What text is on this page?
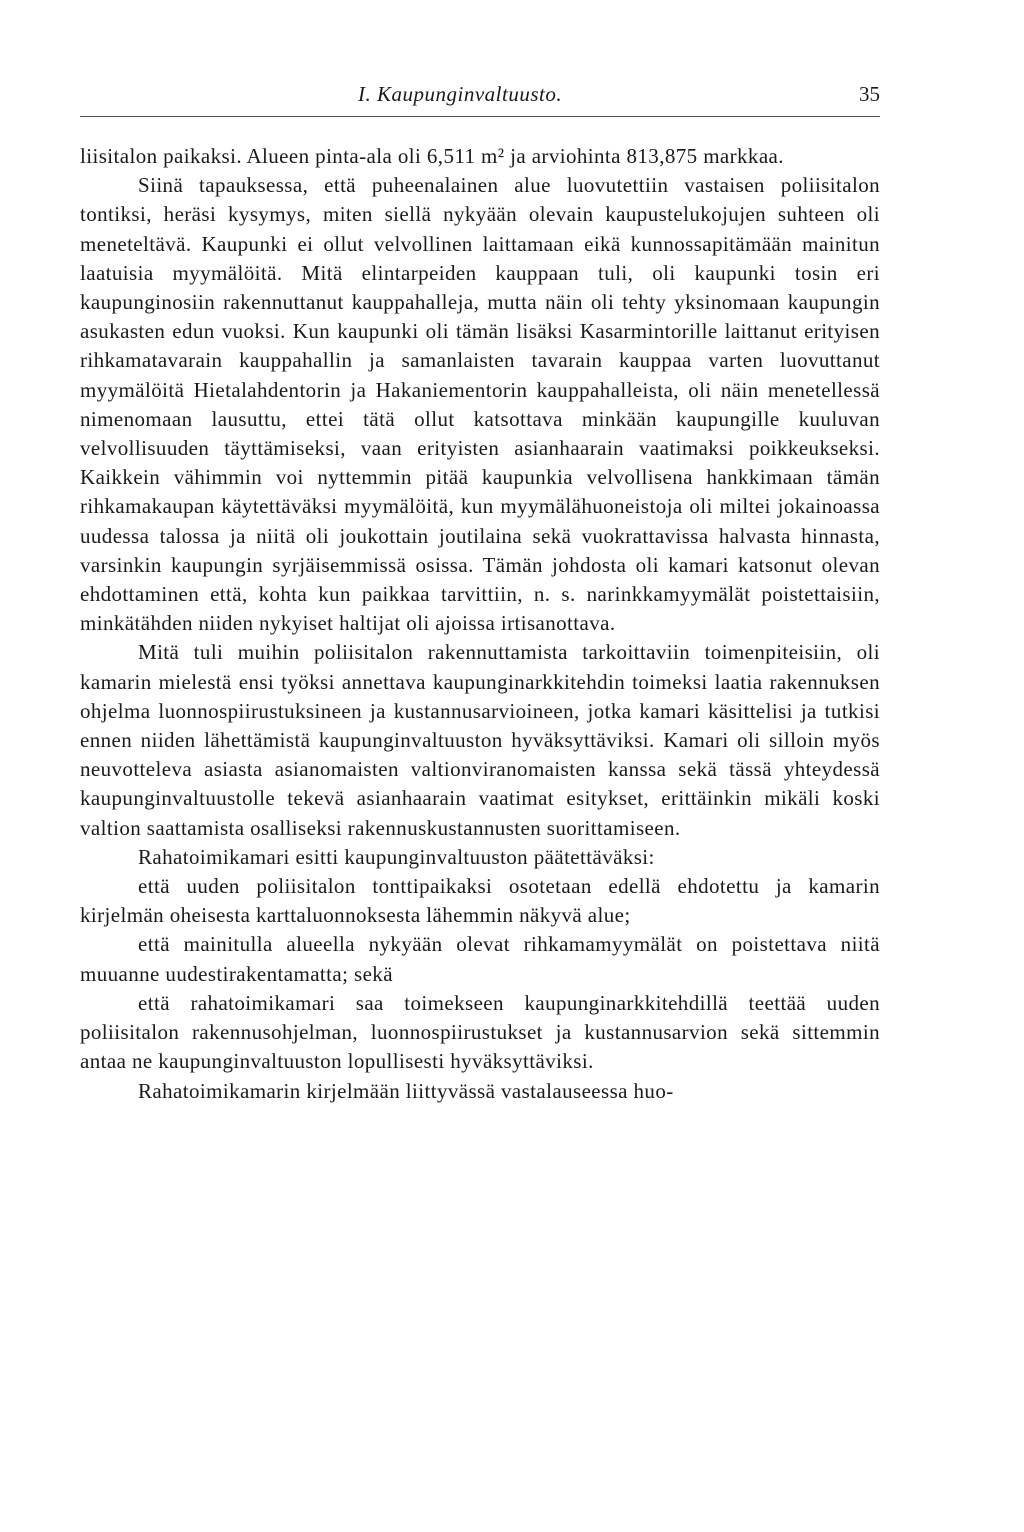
I. Kaupunginvaltuusto.	35

liisitalon paikaksi. Alueen pinta-ala oli 6,511 m² ja arviohinta 813,875 markkaa.

Siinä tapauksessa, että puheenalainen alue luovutettiin vastaisen poliisitalon tontiksi, heräsi kysymys, miten siellä nykyään olevain kaupustelukojujen suhteen oli meneteltävä. Kaupunki ei ollut velvollinen laittamaan eikä kunnossapitämään mainitun laatuisia myymälöitä. Mitä elintarpeiden kauppaan tuli, oli kaupunki tosin eri kaupunginosiin rakennuttanut kauppahalleja, mutta näin oli tehty yksinomaan kaupungin asukasten edun vuoksi. Kun kaupunki oli tämän lisäksi Kasarmintorille laittanut erityisen rihkamatavarain kauppahallin ja samanlaisten tavarain kauppaa varten luovuttanut myymälöitä Hietalahdentorin ja Hakaniementorin kauppahalleista, oli näin menetellessä nimenomaan lausuttu, ettei tätä ollut katsottava minkään kaupungille kuuluvan velvollisuuden täyttämiseksi, vaan erityisten asianhaarain vaatimaksi poikkeukseksi. Kaikkein vähimmin voi nyttemmin pitää kaupunkia velvollisena hankkimaan tämän rihkamakaupan käytettäväksi myymälöitä, kun myymälähuoneistoja oli miltei jokainoassa uudessa talossa ja niitä oli joukottain joutilaina sekä vuokrattavissa halvasta hinnasta, varsinkin kaupungin syrjäisemmissä osissa. Tämän johdosta oli kamari katsonut olevan ehdottaminen että, kohta kun paikkaa tarvittiin, n. s. narinkkamyymälät poistettaisiin, minkätähden niiden nykyiset haltijat oli ajoissa irtisanottava.

Mitä tuli muihin poliisitalon rakennuttamista tarkoittaviin toimenpiteisiin, oli kamarin mielestä ensi työksi annettava kaupunginarkkitehdin toimeksi laatia rakennuksen ohjelma luonnospiirustuksineen ja kustannusarvioineen, jotka kamari käsittelisi ja tutkisi ennen niiden lähettämistä kaupunginvaltuuston hyväksyttäviksi. Kamari oli silloin myös neuvotteleva asiasta asianomaisten valtionviranomaisten kanssa sekä tässä yhteydessä kaupunginvaltuustolle tekevä asianhaarain vaatimat esitykset, erittäinkin mikäli koski valtion saattamista osalliseksi rakennuskustannusten suorittamiseen.

Rahatoimikamari esitti kaupunginvaltuuston päätettäväksi:

että uuden poliisitalon tonttipaikaksi osotetaan edellä ehdotettu ja kamarin kirjelmän oheisesta karttaluonnoksesta lähemmin näkyvä alue;

että mainitulla alueella nykyään olevat rihkamamyymälät on poistettava niitä muuanne uudestirakentamatta; sekä

että rahatoimikamari saa toimekseen kaupunginarkkitehdillä teettää uuden poliisitalon rakennusohjelman, luonnospiirustukset ja kustannusarvion sekä sittemmin antaa ne kaupunginvaltuuston lopullisesti hyväksyttäviksi.

Rahatoimikamarin kirjelmään liittyvässä vastalauseessa huo-
